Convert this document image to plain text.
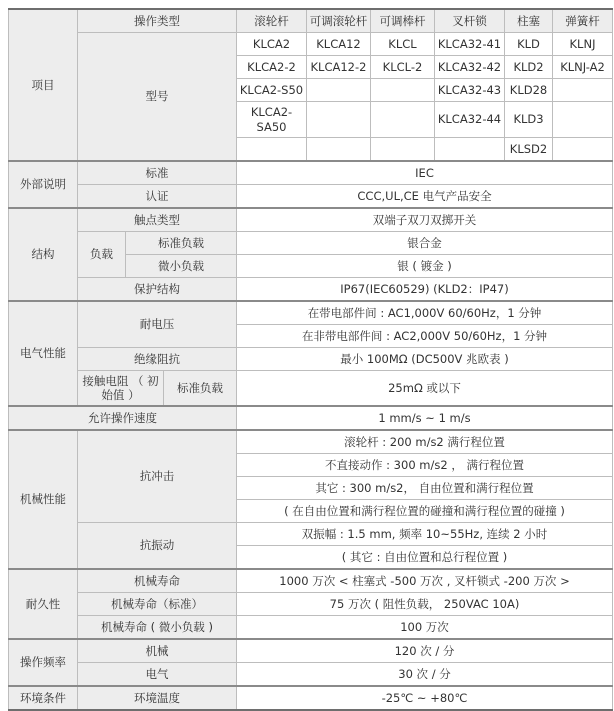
项目	操作类型			滚轮杆	可调滚轮杆	可调棒杆	叉杆锁	柱塞	弹簧杆
	型号			KLCA2	KLCA12	KLCL	KLCA32-41	KLD	KLNJ
				KLCA2-2	KLCA12-2	KLCL-2	KLCA32-42	KLD2	KLNJ-A2
				KLCA2-S50			KLCA32-43	KLD28	
				KLCA2-SA50			KLCA32-44	KLD3	
								KLSD2	
外部说明	标准			IEC					
	认证			CCC,UL,CE 电气产品安全					
结构	触点类型			双端子双刀双掷开关					
	负载	标准负载		银合金					
		微小负载		银 ( 镀金 )					
	保护结构			IP67(IEC60529) (KLD2：IP47)					
电气性能	耐电压			在带电部件间 : AC1,000V 60/60Hz，1 分钟					
				在非带电部件间 : AC2,000V 50/60Hz，1 分钟					
	绝缘阻抗			最小 100MΩ (DC500V 兆欧表 )					
	接触电阻 （ 初始值 ）		标准负载	25mΩ 或以下					
允许操作速度				1 mm/s ~ 1 m/s					
机械性能	抗冲击			滚轮杆 : 200 m/s2 满行程位置					
				不直接动作 : 300 m/s2 ， 满行程位置					
				其它 : 300 m/s2， 自由位置和满行程位置					
				( 在自由位置和满行程位置的碰撞和满行程位置的碰撞 )					
	抗振动			双振幅 : 1.5 mm, 频率 10~55Hz, 连续 2 小时					
				( 其它 : 自由位置和总行程位置 )					
耐久性	机械寿命			1000 万次 < 柱塞式 -500 万次 , 叉杆锁式 -200 万次 >					
	机械寿命（标准）			75 万次 ( 阻性负载， 250VAC 10A)					
	机械寿命 ( 微小负载 )			100 万次					
操作频率	机械			120 次 / 分					
	电气			30 次 / 分					
环境条件	环境温度			-25℃ ~ +80℃					
